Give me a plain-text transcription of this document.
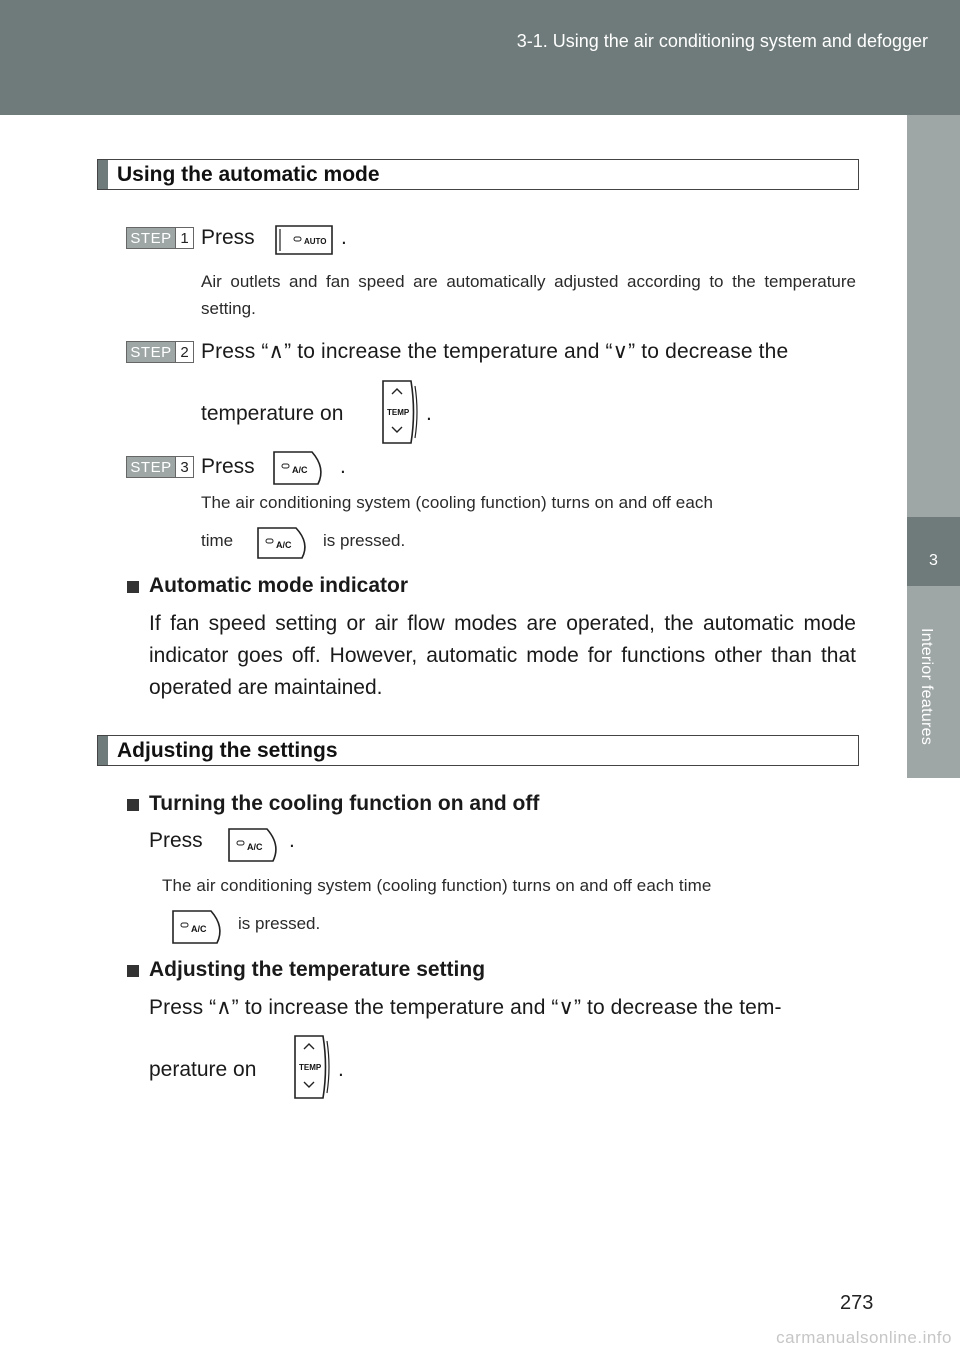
3-1. Using the air conditioning system and defogger
3
Interior features
Using the automatic mode
STEP 1 Press	AUTO .
Air outlets and fan speed are automatically adjusted according to the temperature setting.
STEP 2 Press “∧” to increase the temperature and “∨” to decrease the
temperature on	TEMP .
STEP 3 Press	A/C .
The air conditioning system (cooling function) turns on and off each
time	A/C is pressed.
Automatic mode indicator
If fan speed setting or air flow modes are operated, the automatic mode indicator goes off. However, automatic mode for functions other than that operated are maintained.
Adjusting the settings
Turning the cooling function on and off
Press	A/C .
The air conditioning system (cooling function) turns on and off each time
A/C is pressed.
Adjusting the temperature setting
Press “∧” to increase the temperature and “∨” to decrease the tem-
perature on	TEMP .
273
carmanualsonline.info
